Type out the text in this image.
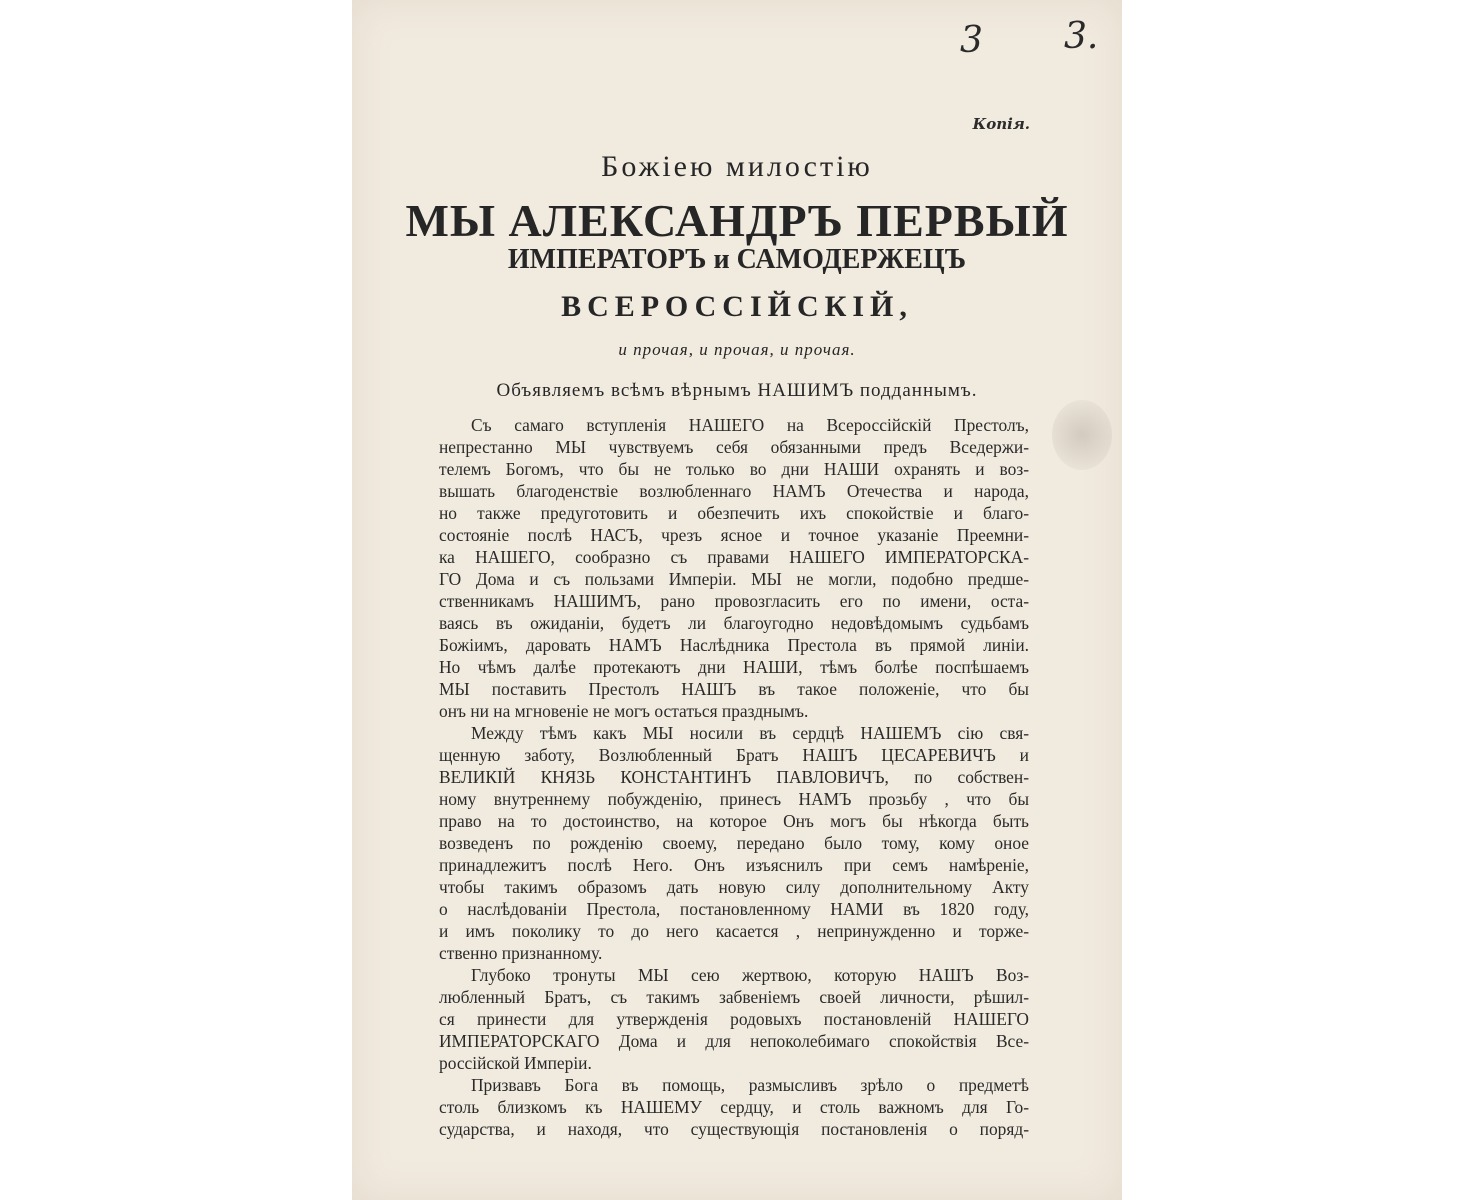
3 3.
Копія.
Божіею милостію
МЫ АЛЕКСАНДРЪ ПЕРВЫЙ
ИМПЕРАТОРЪ и САМОДЕРЖЕЦЪ
ВСЕРОССІЙСКІЙ,
и прочая, и прочая, и прочая.
Объявляемъ всѣмъ вѣрнымъ НАШИМЪ подданнымъ.
Съ самаго вступленія НАШЕГО на Всероссійскій Престолъ,
непрестанно МЫ чувствуемъ себя обязанными предъ Вседержи-
телемъ Богомъ, что бы не только во дни НАШИ охранять и воз-
вышать благоденствіе возлюбленнаго НАМЪ Отечества и народа,
но также предуготовить и обезпечить ихъ спокойствіе и благо-
состояніе послѣ НАСЪ, чрезъ ясное и точное указаніе Преемни-
ка НАШЕГО, сообразно съ правами НАШЕГО ИМПЕРАТОРСКА-
ГО Дома и съ пользами Имперіи. МЫ не могли, подобно предше-
ственникамъ НАШИМЪ, рано провозгласить его по имени, оста-
ваясь въ ожиданіи, будетъ ли благоугодно недовѣдомымъ судьбамъ
Божіимъ, даровать НАМЪ Наслѣдника Престола въ прямой линіи.
Но чѣмъ далѣе протекаютъ дни НАШИ, тѣмъ болѣе поспѣшаемъ
МЫ поставить Престолъ НАШЪ въ такое положеніе, что бы
онъ ни на мгновеніе не могъ остаться празднымъ.
Между тѣмъ какъ МЫ носили въ сердцѣ НАШЕМЪ сію свя-
щенную заботу, Возлюбленный Братъ НАШЪ ЦЕСАРЕВИЧЪ и
ВЕЛИКІЙ КНЯЗЬ КОНСТАНТИНЪ ПАВЛОВИЧЪ, по собствен-
ному внутреннему побужденію, принесъ НАМЪ прозьбу , что бы
право на то достоинство, на которое Онъ могъ бы нѣкогда быть
возведенъ по рожденію своему, передано было тому, кому оное
принадлежитъ послѣ Него. Онъ изъяснилъ при семъ намѣреніе,
чтобы такимъ образомъ дать новую силу дополнительному Акту
о наслѣдованіи Престола, постановленному НАМИ въ 1820 году,
и имъ поколику то до него касается , непринужденно и торже-
ственно признанному.
Глубоко тронуты МЫ сею жертвою, которую НАШЪ Воз-
любленный Братъ, съ такимъ забвеніемъ своей личности, рѣшил-
ся принести для утвержденія родовыхъ постановленій НАШЕГО
ИМПЕРАТОРСКАГО Дома и для непоколебимаго спокойствія Все-
россійской Имперіи.
Призвавъ Бога въ помощь, размысливъ зрѣло о предметѣ
столь близкомъ къ НАШЕМУ сердцу, и столь важномъ для Го-
сударства, и находя, что существующія постановленія о поряд-
